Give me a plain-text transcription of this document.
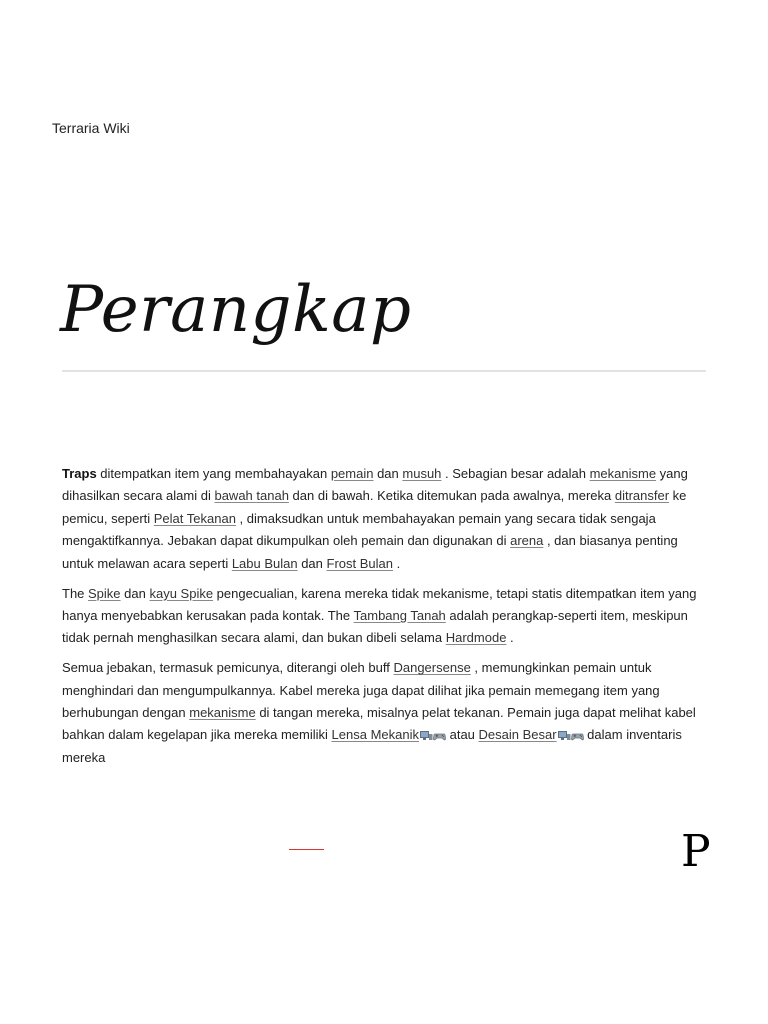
Terraria Wiki
Perangkap

Traps ditempatkan item yang membahayakan pemain dan musuh . Sebagian besar adalah mekanisme yang dihasilkan secara alami di bawah tanah dan di bawah. Ketika ditemukan pada awalnya, mereka ditransfer ke pemicu, seperti Pelat Tekanan , dimaksudkan untuk membahayakan pemain yang secara tidak sengaja mengaktifkannya. Jebakan dapat dikumpulkan oleh pemain dan digunakan di arena , dan biasanya penting untuk melawan acara seperti Labu Bulan dan Frost Bulan .

The Spike dan kayu Spike pengecualian, karena mereka tidak mekanisme, tetapi statis ditempatkan item yang hanya menyebabkan kerusakan pada kontak. The Tambang Tanah adalah perangkap-seperti item, meskipun tidak pernah menghasilkan secara alami, dan bukan dibeli selama Hardmode .

Semua jebakan, termasuk pemicunya, diterangi oleh buff Dangersense , memungkinkan pemain untuk menghindari dan mengumpulkannya. Kabel mereka juga dapat dilihat jika pemain memegang item yang berhubungan dengan mekanisme di tangan mereka, misalnya pelat tekanan. Pemain juga dapat melihat kabel bahkan dalam kegelapan jika mereka memiliki Lensa Mekanik atau Desain Besar dalam inventaris mereka

P
